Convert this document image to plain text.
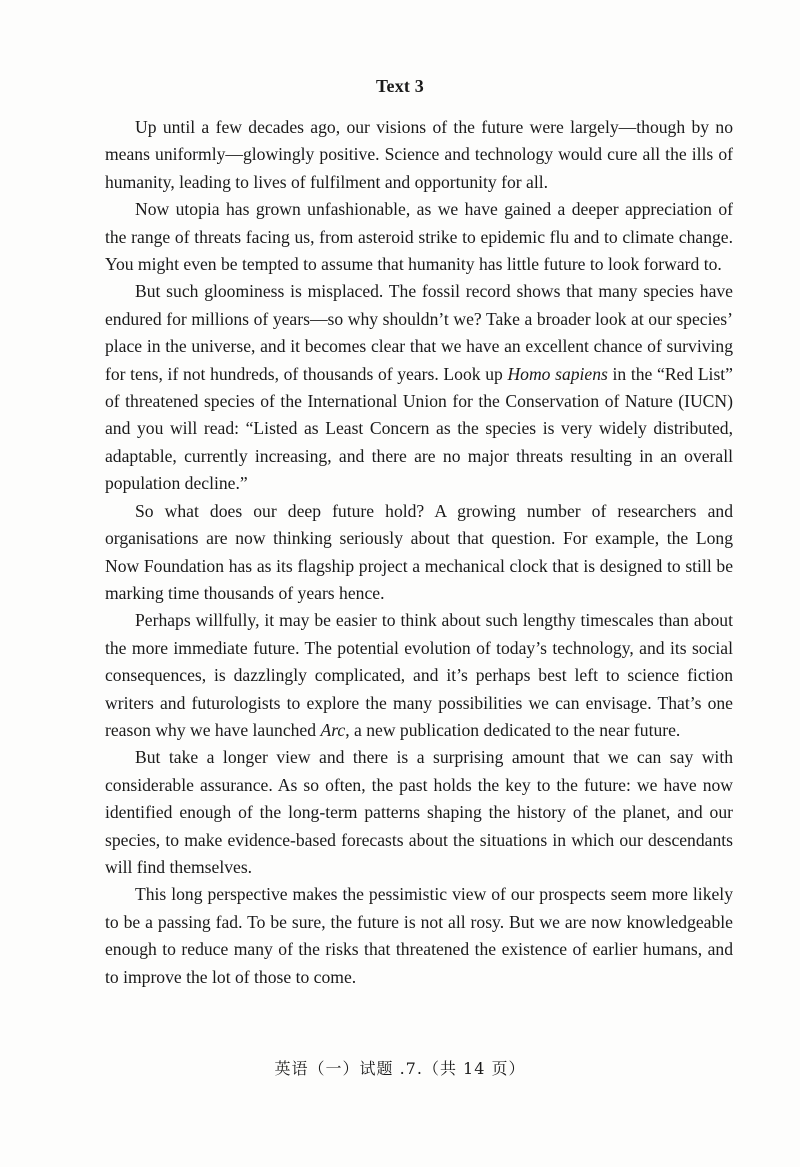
Text 3

Up until a few decades ago, our visions of the future were largely—though by no means uniformly—glowingly positive. Science and technology would cure all the ills of humanity, leading to lives of fulfilment and opportunity for all.

Now utopia has grown unfashionable, as we have gained a deeper appreciation of the range of threats facing us, from asteroid strike to epidemic flu and to climate change. You might even be tempted to assume that humanity has little future to look forward to.

But such gloominess is misplaced. The fossil record shows that many species have endured for millions of years—so why shouldn’t we? Take a broader look at our species’ place in the universe, and it becomes clear that we have an excellent chance of surviving for tens, if not hundreds, of thousands of years. Look up Homo sapiens in the “Red List” of threatened species of the International Union for the Conservation of Nature (IUCN) and you will read: “Listed as Least Concern as the species is very widely distributed, adaptable, currently increasing, and there are no major threats resulting in an overall population decline.”

So what does our deep future hold? A growing number of researchers and organisations are now thinking seriously about that question. For example, the Long Now Foundation has as its flagship project a mechanical clock that is designed to still be marking time thousands of years hence.

Perhaps willfully, it may be easier to think about such lengthy timescales than about the more immediate future. The potential evolution of today’s technology, and its social consequences, is dazzlingly complicated, and it’s perhaps best left to science fiction writers and futurologists to explore the many possibilities we can envisage. That’s one reason why we have launched Arc, a new publication dedicated to the near future.

But take a longer view and there is a surprising amount that we can say with considerable assurance. As so often, the past holds the key to the future: we have now identified enough of the long-term patterns shaping the history of the planet, and our species, to make evidence-based forecasts about the situations in which our descendants will find themselves.

This long perspective makes the pessimistic view of our prospects seem more likely to be a passing fad. To be sure, the future is not all rosy. But we are now knowledgeable enough to reduce many of the risks that threatened the existence of earlier humans, and to improve the lot of those to come.

英语（一）试题 .7.（共 14 页）
